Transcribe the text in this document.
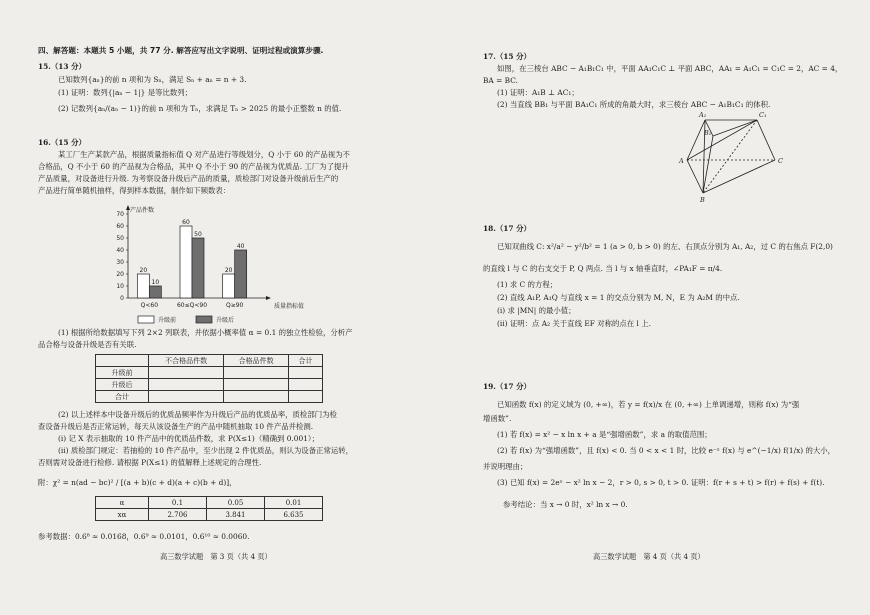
四、解答题：本题共 5 小题，共 77 分. 解答应写出文字说明、证明过程或演算步骤.
15.（13 分）
已知数列{aₙ}的前 n 项和为 Sₙ，满足 Sₙ + aₙ = n + 3.
(1) 证明：数列{|aₙ − 1|} 是等比数列；
(2) 记数列{aₙ/(aₙ − 1)}的前 n 项和为 Tₙ，求满足 Tₙ > 2025 的最小正整数 n 的值.
16.（15 分）
某工厂生产某款产品，根据质量指标值 Q 对产品进行等级划分，Q 小于 60 的产品视为不
合格品，Q 不小于 60 的产品视为合格品，其中 Q 不小于 90 的产品视为优质品. 工厂为了提升
产品质量，对设备进行升级. 为考察设备升级后产品的质量，质检部门对设备升级前后生产的
产品进行简单随机抽样，得到样本数据，制作如下频数表：
0
10
20
30
40
50
60
70
产品件数
质量指标值
20
10
Q<60
60
50
60≤Q<90
20
40
Q≥90
升级前	升级后
(1) 根据所给数据填写下列 2×2 列联表，并依据小概率值 α = 0.1 的独立性检验，分析产
品合格与设备升级是否有关联.
	不合格品件数	合格品件数	合计
升级前			
升级后			
合计			
(2) 以上述样本中设备升级后的优质品频率作为升级后产品的优质品率，质检部门为检
查设备升级后是否正常运转，每天从该设备生产的产品中随机抽取 10 件产品并检测.
(i) 记 X 表示抽取的 10 件产品中的优质品件数，求 P(X≤1)（精确到 0.001）；
(ii) 质检部门规定：若抽检的 10 件产品中，至少出现 2 件优质品，则认为设备正常运转，
否则需对设备进行检修. 请根据 P(X≤1) 的值解释上述规定的合理性.
附：χ² = n(ad − bc)² / [(a + b)(c + d)(a + c)(b + d)]，
α	0.1	0.05	0.01
xα	2.706	3.841	6.635
参考数据：0.6⁸ ≈ 0.0168，0.6⁹ ≈ 0.0101，0.6¹⁰ ≈ 0.0060.
高三数学试题　第 3 页（共 4 页）
17.（15 分）
如图，在三棱台 ABC − A₁B₁C₁ 中，平面 AA₁C₁C ⊥ 平面 ABC，AA₁ = A₁C₁ = C₁C = 2，AC = 4，
BA = BC.
(1) 证明：A₁B ⊥ AC₁；
(2) 当直线 BB₁ 与平面 BA₁C₁ 所成的角最大时，求三棱台 ABC − A₁B₁C₁ 的体积.
A₁	C₁
B₁
A	C
B
18.（17 分）
已知双曲线 C: x²/a² − y²/b² = 1 (a > 0, b > 0) 的左、右顶点分别为 A₁, A₂，过 C 的右焦点 F(2,0)
的直线 l 与 C 的右支交于 P, Q 两点. 当 l 与 x 轴垂直时，∠PA₁F = π/4.
(1) 求 C 的方程；
(2) 直线 A₁P, A₁Q 与直线 x = 1 的交点分别为 M, N，E 为 A₂M 的中点.
(i) 求 |MN| 的最小值；
(ii) 证明：点 A₂ 关于直线 EF 对称的点在 l 上.
19.（17 分）
已知函数 f(x) 的定义域为 (0, +∞)，若 y = f(x)/x 在 (0, +∞) 上单调递增，则称 f(x) 为“强
增函数”.
(1) 若 f(x) = x² − x ln x + a 是“强增函数”，求 a 的取值范围；
(2) 若 f(x) 为“强增函数”，且 f(x) < 0. 当 0 < x < 1 时，比较 e⁻ˣ f(x) 与 e^(−1/x) f(1/x) 的大小，
并说明理由；
(3) 已知 f(x) = 2eˣ − x² ln x − 2，r > 0, s > 0, t > 0. 证明：f(r + s + t) > f(r) + f(s) + f(t).
参考结论：当 x → 0 时，x² ln x → 0.
高三数学试题　第 4 页（共 4 页）
